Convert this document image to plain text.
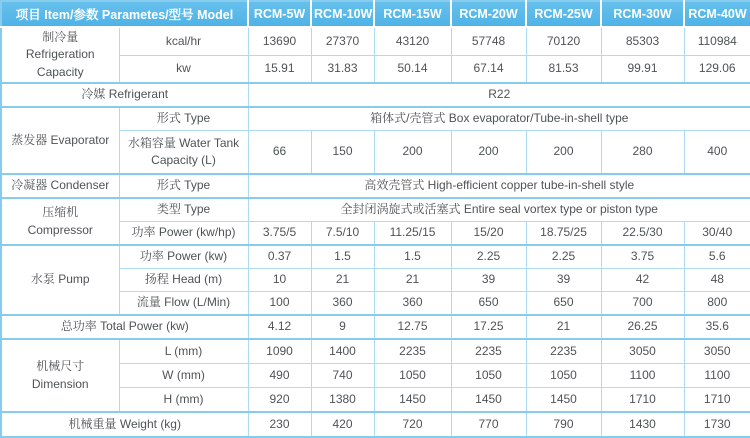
项目 Item/参数 Parametes/型号 Model		RCM-5W	RCM-10W	RCM-15W	RCM-20W	RCM-25W	RCM-30W	RCM-40W
制冷量 Refrigeration Capacity	kcal/hr	13690	27370	43120	57748	70120	85303	110984
	kw	15.91	31.83	50.14	67.14	81.53	99.91	129.06
冷媒 Refrigerant		R22						
蒸发器 Evaporator	形式 Type	箱体式/壳管式 Box evaporator/Tube-in-shell type						
	水箱容量 Water Tank Capacity (L)	66	150	200	200	200	280	400
冷凝器 Condenser	形式 Type	高效壳管式 High-efficient copper tube-in-shell style						
压缩机 Compressor	类型 Type	全封闭涡旋式或活塞式 Entire seal vortex type or piston type						
	功率 Power (kw/hp)	3.75/5	7.5/10	11.25/15	15/20	18.75/25	22.5/30	30/40
水泵 Pump	功率 Power (kw)	0.37	1.5	1.5	2.25	2.25	3.75	5.6
	扬程 Head (m)	10	21	21	39	39	42	48
	流量 Flow (L/Min)	100	360	360	650	650	700	800
总功率 Total Power (kw)		4.12	9	12.75	17.25	21	26.25	35.6
机械尺寸 Dimension	L (mm)	1090	1400	2235	2235	2235	3050	3050
	W (mm)	490	740	1050	1050	1050	1100	1100
	H (mm)	920	1380	1450	1450	1450	1710	1710
机械重量 Weight (kg)		230	420	720	770	790	1430	1730
